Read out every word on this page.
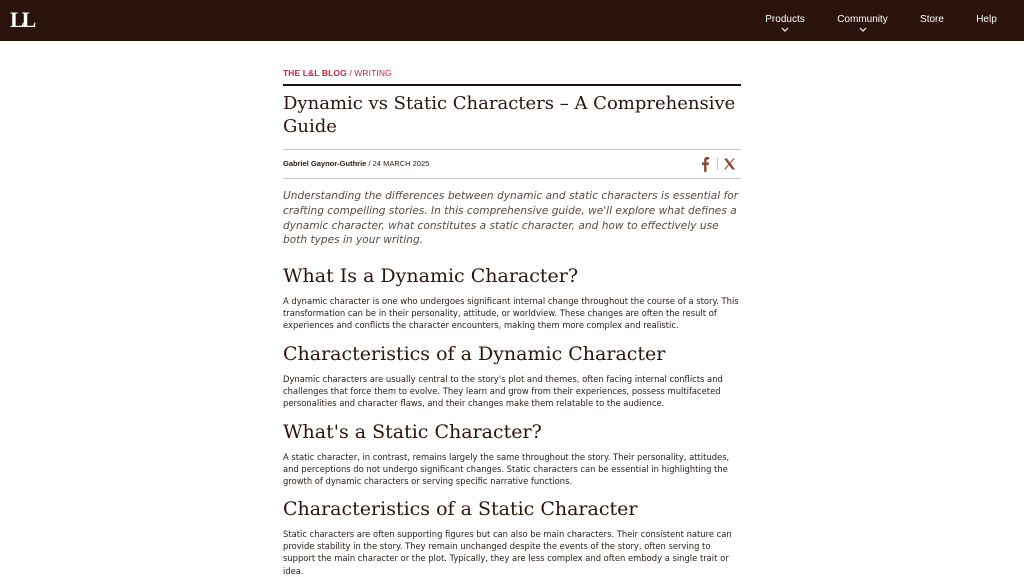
LL	Products	Community	Store	Help
THE L&L BLOG / WRITING
Dynamic vs Static Characters – A Comprehensive Guide
Gabriel Gaynor-Guthrie / 24 MARCH 2025

Understanding the differences between dynamic and static characters is essential for crafting compelling stories. In this comprehensive guide, we'll explore what defines a dynamic character, what constitutes a static character, and how to effectively use both types in your writing.

What Is a Dynamic Character?

A dynamic character is one who undergoes significant internal change throughout the course of a story. This transformation can be in their personality, attitude, or worldview. These changes are often the result of experiences and conflicts the character encounters, making them more complex and realistic.

Characteristics of a Dynamic Character

Dynamic characters are usually central to the story's plot and themes, often facing internal conflicts and challenges that force them to evolve. They learn and grow from their experiences, possess multifaceted personalities and character flaws, and their changes make them relatable to the audience.

What's a Static Character?

A static character, in contrast, remains largely the same throughout the story. Their personality, attitudes, and perceptions do not undergo significant changes. Static characters can be essential in highlighting the growth of dynamic characters or serving specific narrative functions.

Characteristics of a Static Character

Static characters are often supporting figures but can also be main characters. Their consistent nature can provide stability in the story. They remain unchanged despite the events of the story, often serving to support the main character or the plot. Typically, they are less complex and often embody a single trait or idea.
